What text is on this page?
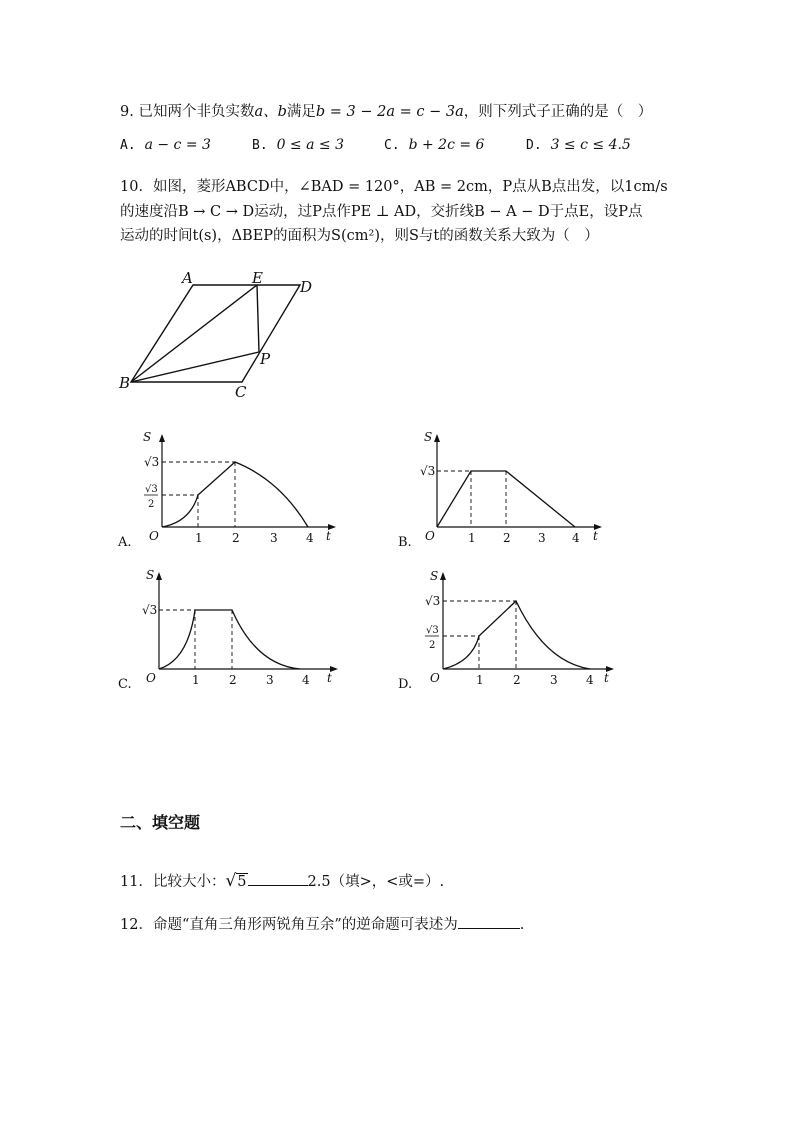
9. 已知两个非负实数a、b满足b = 3 − 2a = c − 3a，则下列式子正确的是（　）
A. a − c = 3	B. 0 ≤ a ≤ 3	C. b + 2c = 6	D. 3 ≤ c ≤ 4.5
10．如图，菱形ABCD中，∠BAD = 120°，AB = 2cm，P点从B点出发，以1cm/s
的速度沿B → C → D运动，过P点作PE ⊥ AD，交折线B − A − D于点E，设P点
运动的时间t(s)，ΔBEP的面积为S(cm²)，则S与t的函数关系大致为（　）
A	E D
B
P
C
S
t
O
√3
√3
2
1 2	3 4
A.
S
t
O
√3
1 2 3 4
B.
S
t
O
√3
1 2 3 4
C.
S
t
O
√3
√3
2
1 2 3 4
D.
二、填空题
11．比较大小：√5	2.5（填>，<或=）.
12．命题“直角三角形两锐角互余”的逆命题可表述为	.
